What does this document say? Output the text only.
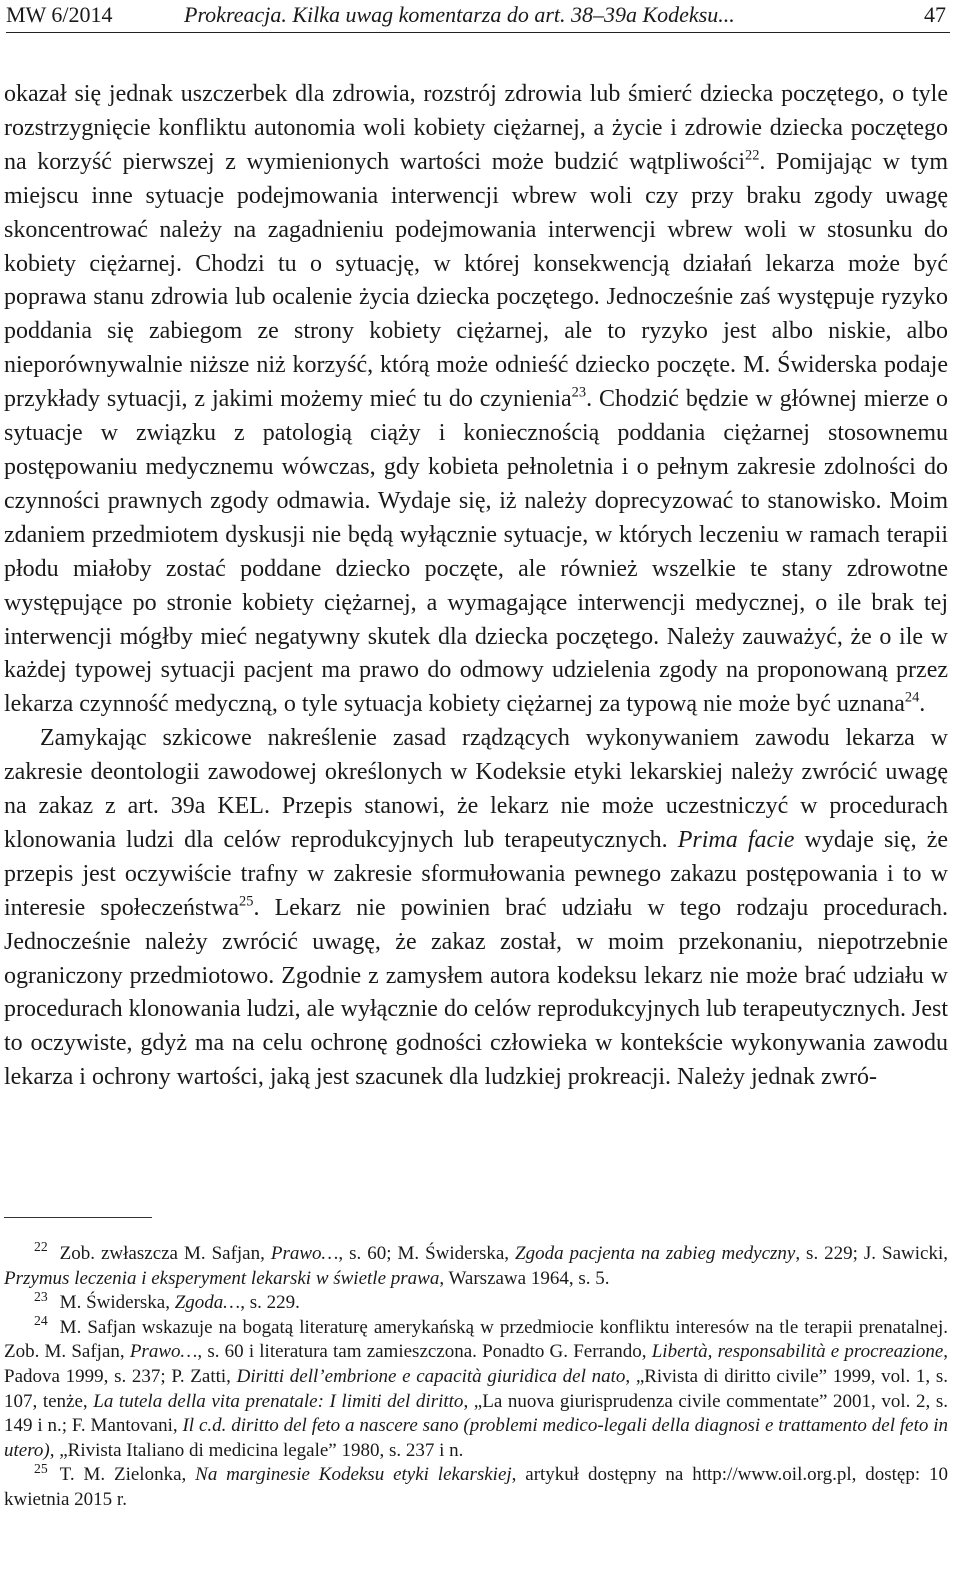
MW 6/2014	Prokreacja. Kilka uwag komentarza do art. 38–39a Kodeksu...	47

okazał się jednak uszczerbek dla zdrowia, rozstrój zdrowia lub śmierć dziecka poczętego, o tyle rozstrzygnięcie konfliktu autonomia woli kobiety ciężarnej, a życie i zdrowie dziecka poczętego na korzyść pierwszej z wymienionych wartości może budzić wątpliwości$^{22}$. Pomijając w tym miejscu inne sytuacje podejmowania interwencji wbrew woli czy przy braku zgody uwagę skoncentrować należy na zagadnieniu podejmowania interwencji wbrew woli w stosunku do kobiety ciężarnej. Chodzi tu o sytuację, w której konsekwencją działań lekarza może być poprawa stanu zdrowia lub ocalenie życia dziecka poczętego. Jednocześnie zaś występuje ryzyko poddania się zabiegom ze strony kobiety ciężarnej, ale to ryzyko jest albo niskie, albo nieporównywalnie niższe niż korzyść, którą może odnieść dziecko poczęte. M. Świderska podaje przykłady sytuacji, z jakimi możemy mieć tu do czynienia$^{23}$. Chodzić będzie w głównej mierze o sytuacje w związku z patologią ciąży i koniecznością poddania ciężarnej stosownemu postępowaniu medycznemu wówczas, gdy kobieta pełnoletnia i o pełnym zakresie zdolności do czynności prawnych zgody odmawia. Wydaje się, iż należy doprecyzować to stanowisko. Moim zdaniem przedmiotem dyskusji nie będą wyłącznie sytuacje, w których leczeniu w ramach terapii płodu miałoby zostać poddane dziecko poczęte, ale również wszelkie te stany zdrowotne występujące po stronie kobiety ciężarnej, a wymagające interwencji medycznej, o ile brak tej interwencji mógłby mieć negatywny skutek dla dziecka poczętego. Należy zauważyć, że o ile w każdej typowej sytuacji pacjent ma prawo do odmowy udzielenia zgody na proponowaną przez lekarza czynność medyczną, o tyle sytuacja kobiety ciężarnej za typową nie może być uznana$^{24}$.

Zamykając szkicowe nakreślenie zasad rządzących wykonywaniem zawodu lekarza w zakresie deontologii zawodowej określonych w Kodeksie etyki lekarskiej należy zwrócić uwagę na zakaz z art. 39a KEL. Przepis stanowi, że lekarz nie może uczestniczyć w procedurach klonowania ludzi dla celów reprodukcyjnych lub terapeutycznych. Prima facie wydaje się, że przepis jest oczywiście trafny w zakresie sformułowania pewnego zakazu postępowania i to w interesie społeczeństwa$^{25}$. Lekarz nie powinien brać udziału w tego rodzaju procedurach. Jednocześnie należy zwrócić uwagę, że zakaz został, w moim przekonaniu, niepotrzebnie ograniczony przedmiotowo. Zgodnie z zamysłem autora kodeksu lekarz nie może brać udziału w procedurach klonowania ludzi, ale wyłącznie do celów reprodukcyjnych lub terapeutycznych. Jest to oczywiste, gdyż ma na celu ochronę godności człowieka w kontekście wykonywania zawodu lekarza i ochrony wartości, jaką jest szacunek dla ludzkiej prokreacji. Należy jednak zwró-

$^{22}$ Zob. zwłaszcza M. Safjan, Prawo…, s. 60; M. Świderska, Zgoda pacjenta na zabieg medyczny, s. 229; J. Sawicki, Przymus leczenia i eksperyment lekarski w świetle prawa, Warszawa 1964, s. 5.

$^{23}$ M. Świderska, Zgoda…, s. 229.

$^{24}$ M. Safjan wskazuje na bogatą literaturę amerykańską w przedmiocie konfliktu interesów na tle terapii prenatalnej. Zob. M. Safjan, Prawo…, s. 60 i literatura tam zamieszczona. Ponadto G. Ferrando, Libertà, responsabilità e procreazione, Padova 1999, s. 237; P. Zatti, Diritti dell’embrione e capacità giuridica del nato, „Rivista di diritto civile” 1999, vol. 1, s. 107, tenże, La tutela della vita prenatale: I limiti del diritto, „La nuova giurisprudenza civile commentate” 2001, vol. 2, s. 149 i n.; F. Mantovani, Il c.d. diritto del feto a nascere sano (problemi medico-legali della diagnosi e trattamento del feto in utero), „Rivista Italiano di medicina legale” 1980, s. 237 i n.

$^{25}$ T. M. Zielonka, Na marginesie Kodeksu etyki lekarskiej, artykuł dostępny na http://www.oil.org.pl, dostęp: 10 kwietnia 2015 r.
